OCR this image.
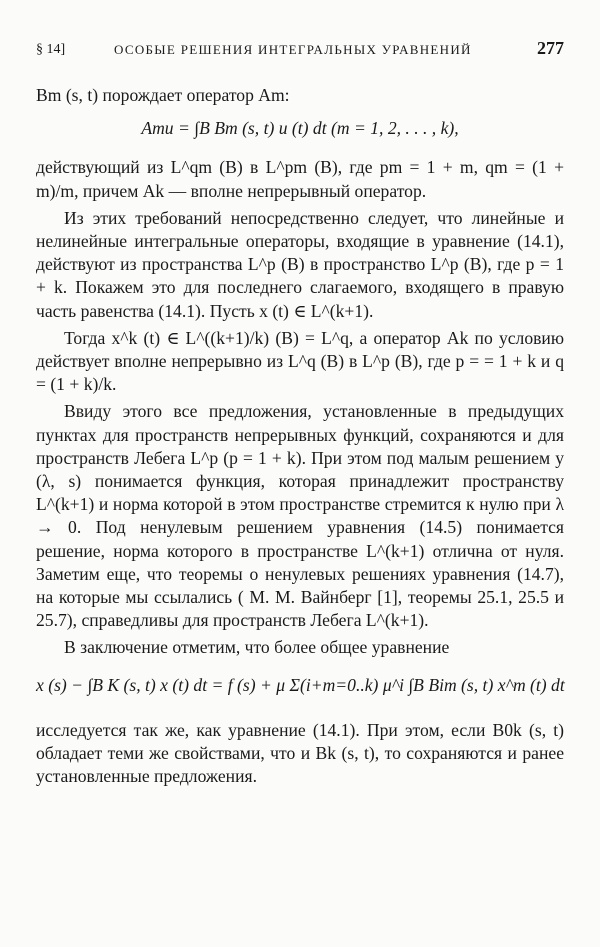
§ 14]	ОСОБЫЕ РЕШЕНИЯ ИНТЕГРАЛЬНЫХ УРАВНЕНИЙ	277

Bm (s, t) порождает оператор Am:

Amu = ∫B Bm (s, t) u (t) dt (m = 1, 2, . . . , k),

действующий из L^qm (B) в L^pm (B), где pm = 1 + m, qm = (1 + m)/m, причем Ak — вполне непрерывный оператор.

Из этих требований непосредственно следует, что линейные и нелинейные интегральные операторы, входящие в уравнение (14.1), действуют из пространства L^p (B) в пространство L^p (B), где p = 1 + k. Покажем это для последнего слагаемого, входящего в правую часть равенства (14.1). Пусть x (t) ∈ L^(k+1).

Тогда x^k (t) ∈ L^((k+1)/k) (B) = L^q, а оператор Ak по условию действует вполне непрерывно из L^q (B) в L^p (B), где p = = 1 + k и q = (1 + k)/k.

Ввиду этого все предложения, установленные в предыдущих пунктах для пространств непрерывных функций, сохраняются и для пространств Лебега L^p (p = 1 + k). При этом под малым решением y (λ, s) понимается функция, которая принадлежит пространству L^(k+1) и норма которой в этом пространстве стремится к нулю при λ → 0. Под ненулевым решением уравнения (14.5) понимается решение, норма которого в пространстве L^(k+1) отлична от нуля. Заметим еще, что теоремы о ненулевых решениях уравнения (14.7), на которые мы ссылались ( М. М. Вайнберг [1], теоремы 25.1, 25.5 и 25.7), справедливы для пространств Лебега L^(k+1).

В заключение отметим, что более общее уравнение

x (s) − ∫B K (s, t) x (t) dt = f (s) + μ Σ(i+m=0..k) μ^i ∫B Bim (s, t) x^m (t) dt

исследуется так же, как уравнение (14.1). При этом, если B0k (s, t) обладает теми же свойствами, что и Bk (s, t), то сохраняются и ранее установленные предложения.
